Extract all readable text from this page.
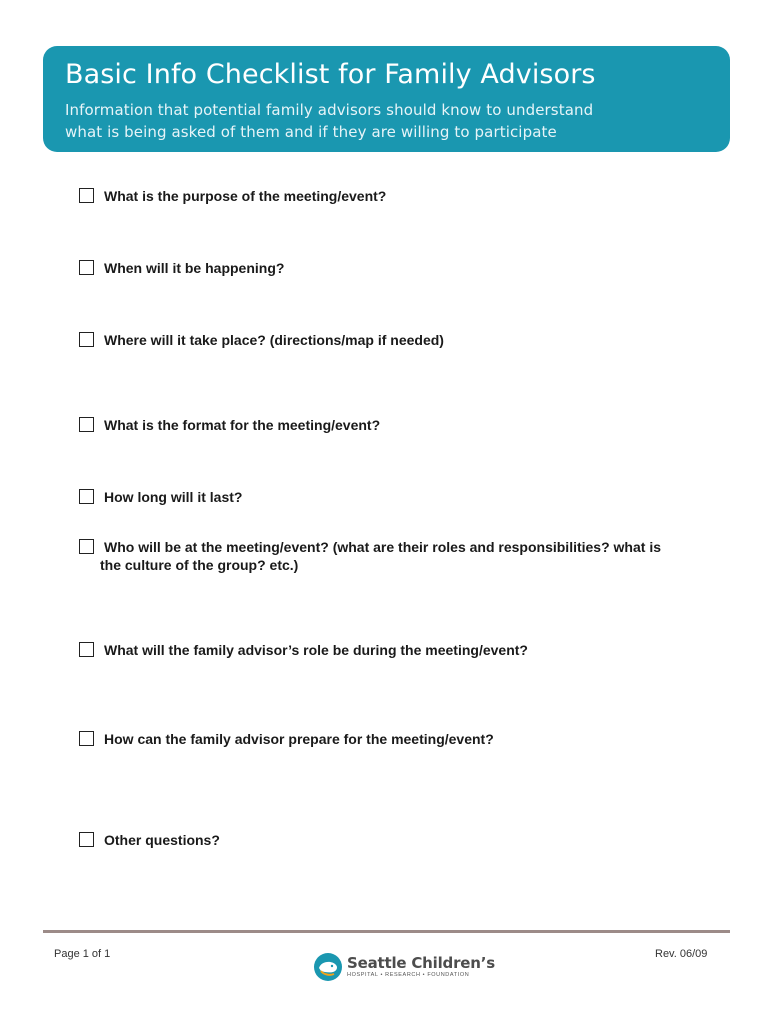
Basic Info Checklist for Family Advisors

Information that potential family advisors should know to understand
what is being asked of them and if they are willing to participate

What is the purpose of the meeting/event?
When will it be happening?
Where will it take place? (directions/map if needed)
What is the format for the meeting/event?
How long will it last?
Who will be at the meeting/event? (what are their roles and responsibilities? what is
the culture of the group? etc.)
What will the family advisor’s role be during the meeting/event?
How can the family advisor prepare for the meeting/event?
Other questions?
Page 1 of 1	Seattle Children’s
HOSPITAL • RESEARCH • FOUNDATION
Rev. 06/09
